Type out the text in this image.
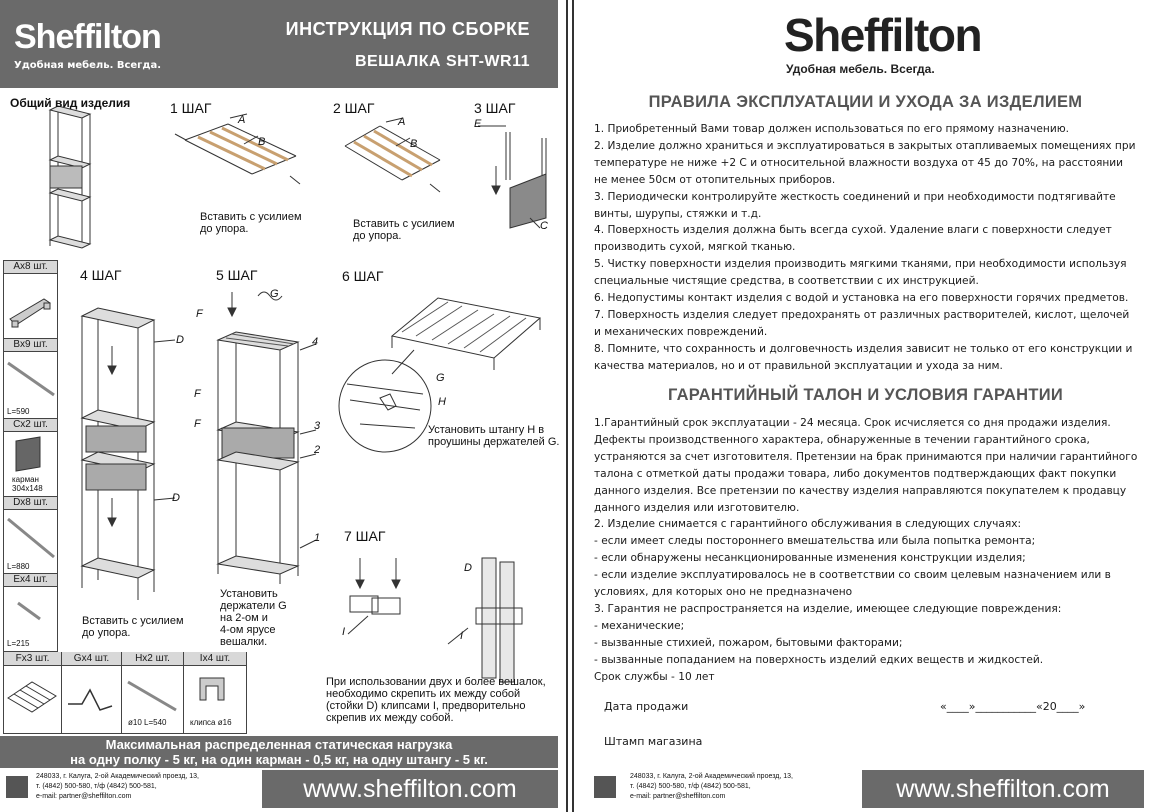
Sheffilton
Удобная мебель. Всегда.
ИНСТРУКЦИЯ ПО СБОРКЕ
ВЕШАЛКА SHT-WR11
Общий вид изделия	1 ШАГ	2 ШАГ	3 ШАГ
4 ШАГ	5 ШАГ	6 ШАГ
7 ШАГ
Вставить с усилием
до упора.	Вставить с усилием
до упора.
Вставить с усилием
до упора.
Установить
держатели G
на 2-ом и
4-ом ярусе
вешалки.
Установить штангу H в
проушины держателей G.
При использовании двух и более вешалок,
необходимо скрепить их между собой
(стойки D) клипсами I, предворительно
скрепив их между собой.
A
B
A
B
E
C
F
G
D
D
F
F
G
H
D
I	I
4
3
2
1
Ax8 шт.
Bx9 шт.
L=590
Cx2 шт.
карман
304x148
Dx8 шт.
L=880
Ex4 шт.
L=215
Fx3 шт.	Gx4 шт.	Hx2 шт.
ø10 L=540
Ix4 шт.
клипса ø16
Максимальная распределенная статическая нагрузка
на одну полку - 5 кг, на один карман - 0,5 кг, на одну штангу - 5 кг.
248033, г. Калуга, 2-ой Академический проезд, 13,
т. (4842) 500-580, т/ф (4842) 500-581,
e-mail: partner@sheffilton.com	www.sheffilton.com
Sheffilton
Удобная мебель. Всегда.
ПРАВИЛА ЭКСПЛУАТАЦИИ И УХОДА ЗА ИЗДЕЛИЕМ

1. Приобретенный Вами товар должен использоваться по его прямому назначению.

2. Изделие должно храниться и эксплуатироваться в закрытых отапливаемых помещениях при температуре не ниже +2 С и относительной влажности воздуха от 45 до 70%, на расстоянии не менее 50см от отопительных приборов.

3. Периодически контролируйте жесткость соединений и при необходимости подтягивайте винты, шурупы, стяжки и т.д.

4. Поверхность изделия должна быть всегда сухой. Удаление влаги с поверхности следует производить сухой, мягкой тканью.

5. Чистку поверхности изделия производить мягкими тканями, при необходимости используя специальные чистящие средства, в соответствии с их инструкцией.

6. Недопустимы контакт изделия с водой и установка на его поверхности горячих предметов.

7. Поверхность изделия следует предохранять от различных растворителей, кислот, щелочей и механических повреждений.

8. Помните, что сохранность и долговечность изделия зависит не только от его конструкции и качества материалов, но и от правильной эксплуатации и ухода за ним.

ГАРАНТИЙНЫЙ ТАЛОН И УСЛОВИЯ ГАРАНТИИ

1.Гарантийный срок эксплуатации - 24 месяца. Срок исчисляется со дня продажи изделия. Дефекты производственного характера, обнаруженные в течении гарантийного срока, устраняются за счет изготовителя. Претензии на брак принимаются при наличии гарантийного талона с отметкой даты продажи товара, либо документов подтверждающих факт покупки данного изделия. Все претензии по качеству изделия направляются покупателем к продавцу данного изделия или изготовителю.

2. Изделие снимается с гарантийного обслуживания в следующих случаях:

- если имеет следы постороннего вмешательства или была попытка ремонта;

- если обнаружены несанкционированные изменения конструкции изделия;

- если изделие эксплуатировалось не в соответствии со своим целевым назначением или в условиях, для которых оно не предназначено

3. Гарантия не распространяется на изделие, имеющее следующие повреждения:

- механические;

- вызванные стихией, пожаром, бытовыми факторами;

- вызванные попаданием на поверхность изделий едких веществ и жидкостей.

Срок службы - 10 лет

Дата продажи	«____»___________«20____»
Штамп магазина
248033, г. Калуга, 2-ой Академический проезд, 13,
т. (4842) 500-580, т/ф (4842) 500-581,
e-mail: partner@sheffilton.com	www.sheffilton.com
